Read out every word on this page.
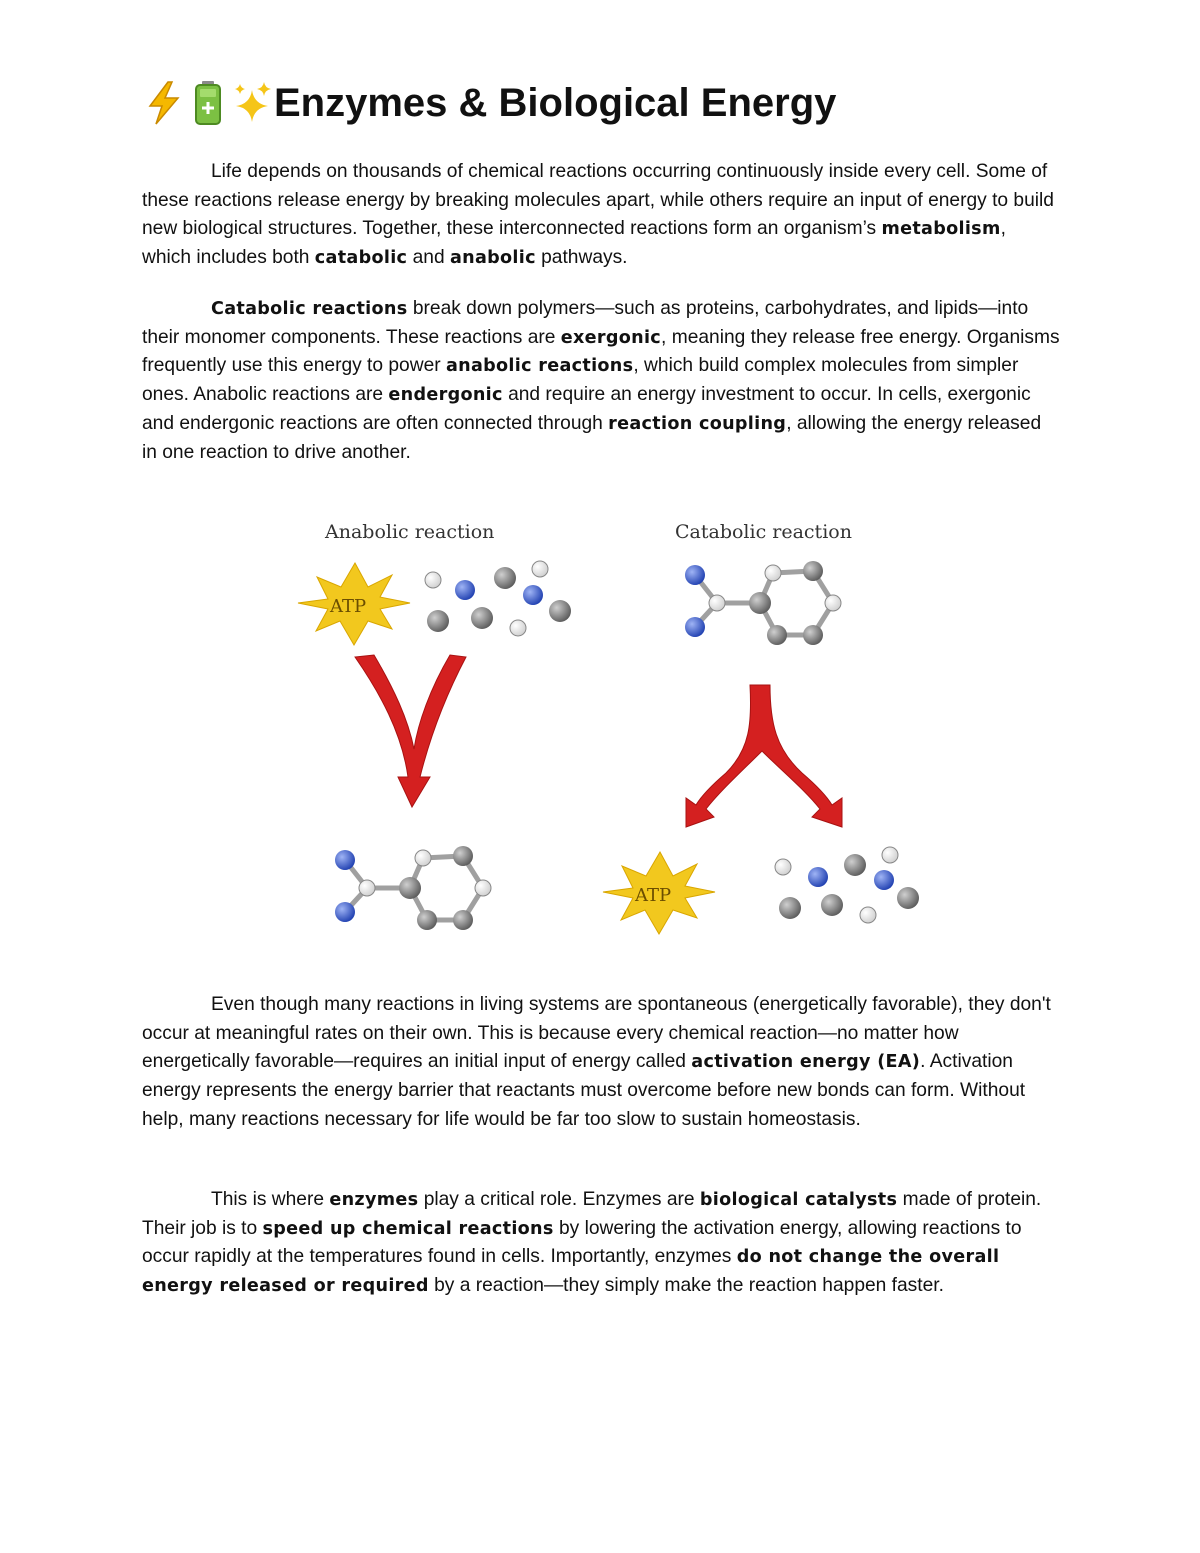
Enzymes & Biological Energy

Life depends on thousands of chemical reactions occurring continuously inside every cell. Some of these reactions release energy by breaking molecules apart, while others require an input of energy to build new biological structures. Together, these interconnected reactions form an organism’s metabolism, which includes both catabolic and anabolic pathways.

Catabolic reactions break down polymers—such as proteins, carbohydrates, and lipids—into their monomer components. These reactions are exergonic, meaning they release free energy. Organisms frequently use this energy to power anabolic reactions, which build complex molecules from simpler ones. Anabolic reactions are endergonic and require an energy investment to occur. In cells, exergonic and endergonic reactions are often connected through reaction coupling, allowing the energy released in one reaction to drive another.

Anabolic reaction	Catabolic reaction
ATP
ATP

Even though many reactions in living systems are spontaneous (energetically favorable), they don't occur at meaningful rates on their own. This is because every chemical reaction—no matter how energetically favorable—requires an initial input of energy called activation energy (EA). Activation energy represents the energy barrier that reactants must overcome before new bonds can form. Without help, many reactions necessary for life would be far too slow to sustain homeostasis.

This is where enzymes play a critical role. Enzymes are biological catalysts made of protein. Their job is to speed up chemical reactions by lowering the activation energy, allowing reactions to occur rapidly at the temperatures found in cells. Importantly, enzymes do not change the overall energy released or required by a reaction—they simply make the reaction happen faster.
